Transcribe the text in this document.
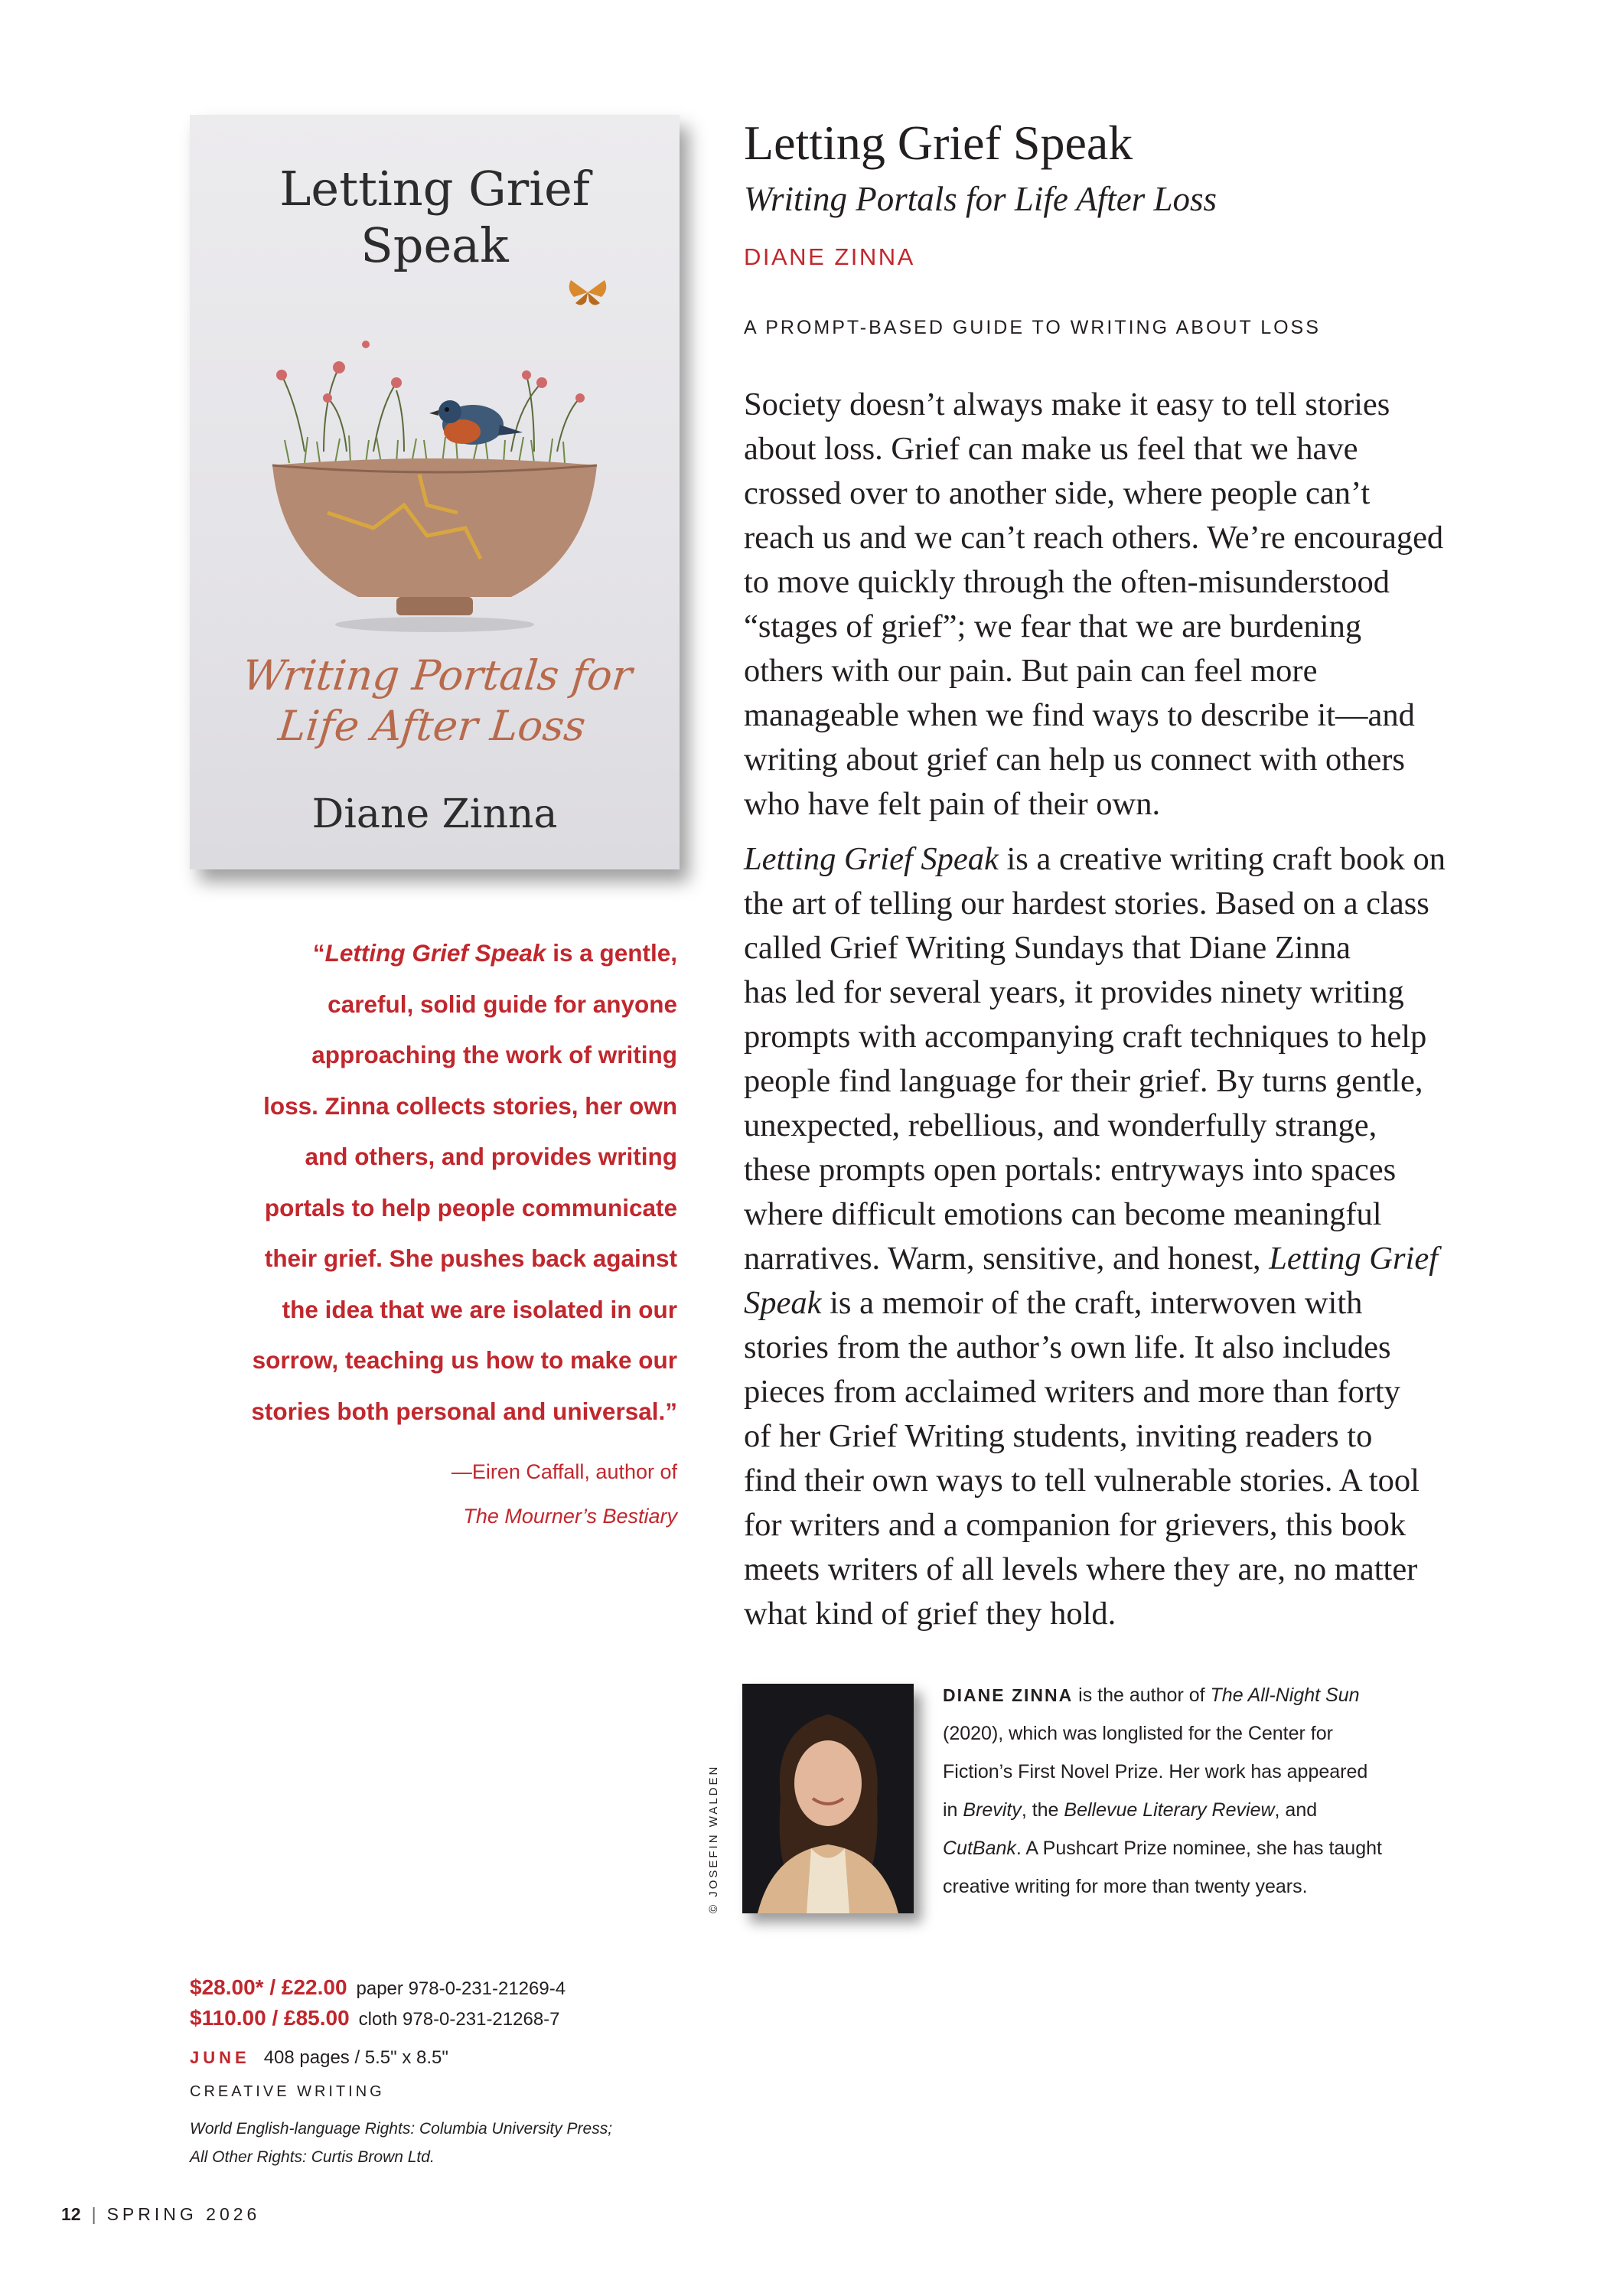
Letting Grief
Speak
Writing Portals for
Life After Loss
Diane Zinna
Letting Grief Speak
Writing Portals for Life After Loss
DIANE ZINNA
A PROMPT-BASED GUIDE TO WRITING ABOUT LOSS

Society doesn’t always make it easy to tell stories
about loss. Grief can make us feel that we have
crossed over to another side, where people can’t
reach us and we can’t reach others. We’re encouraged
to move quickly through the often-misunderstood
“stages of grief”; we fear that we are burdening
others with our pain. But pain can feel more
manageable when we find ways to describe it—and
writing about grief can help us connect with others
who have felt pain of their own.

Letting Grief Speak is a creative writing craft book on
the art of telling our hardest stories. Based on a class
called Grief Writing Sundays that Diane Zinna
has led for several years, it provides ninety writing
prompts with accompanying craft techniques to help
people find language for their grief. By turns gentle,
unexpected, rebellious, and wonderfully strange,
these prompts open portals: entryways into spaces
where difficult emotions can become meaningful
narratives. Warm, sensitive, and honest, Letting Grief
Speak is a memoir of the craft, interwoven with
stories from the author’s own life. It also includes
pieces from acclaimed writers and more than forty
of her Grief Writing students, inviting readers to
find their own ways to tell vulnerable stories. A tool
for writers and a companion for grievers, this book
meets writers of all levels where they are, no matter
what kind of grief they hold.

“Letting Grief Speak is a gentle,
careful, solid guide for anyone
approaching the work of writing
loss. Zinna collects stories, her own
and others, and provides writing
portals to help people communicate
their grief. She pushes back against
the idea that we are isolated in our
sorrow, teaching us how to make our
stories both personal and universal.”
—Eiren Caffall, author of
The Mourner’s Bestiary
© JOSEFIN WALDEN
DIANE ZINNA is the author of The All-Night Sun
(2020), which was longlisted for the Center for
Fiction’s First Novel Prize. Her work has appeared
in Brevity, the Bellevue Literary Review, and
CutBank. A Pushcart Prize nominee, she has taught
creative writing for more than twenty years.
$28.00* / £22.00 paper 978-0-231-21269-4
$110.00 / £85.00 cloth 978-0-231-21268-7
JUNE 408 pages / 5.5" x 8.5"
CREATIVE WRITING
World English-language Rights: Columbia University Press;
All Other Rights: Curtis Brown Ltd.
12 | SPRING 2026
